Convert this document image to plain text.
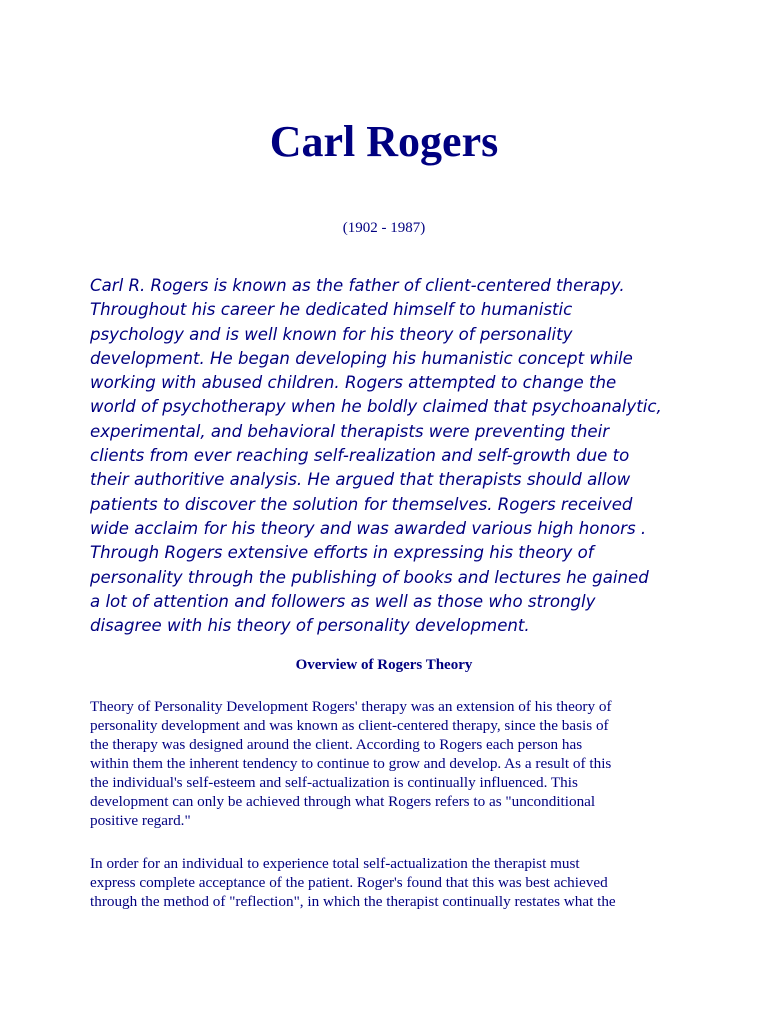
Carl Rogers
(1902 - 1987)

Carl R. Rogers is known as the father of client-centered therapy.
Throughout his career he dedicated himself to humanistic
psychology and is well known for his theory of personality
development. He began developing his humanistic concept while
working with abused children. Rogers attempted to change the
world of psychotherapy when he boldly claimed that psychoanalytic,
experimental, and behavioral therapists were preventing their
clients from ever reaching self-realization and self-growth due to
their authoritive analysis. He argued that therapists should allow
patients to discover the solution for themselves. Rogers received
wide acclaim for his theory and was awarded various high honors .
Through Rogers extensive efforts in expressing his theory of
personality through the publishing of books and lectures he gained
a lot of attention and followers as well as those who strongly
disagree with his theory of personality development.

Overview of Rogers Theory

Theory of Personality Development Rogers' therapy was an extension of his theory of
personality development and was known as client-centered therapy, since the basis of
the therapy was designed around the client. According to Rogers each person has
within them the inherent tendency to continue to grow and develop. As a result of this
the individual's self-esteem and self-actualization is continually influenced. This
development can only be achieved through what Rogers refers to as "unconditional
positive regard."

In order for an individual to experience total self-actualization the therapist must
express complete acceptance of the patient. Roger's found that this was best achieved
through the method of "reflection", in which the therapist continually restates what the
